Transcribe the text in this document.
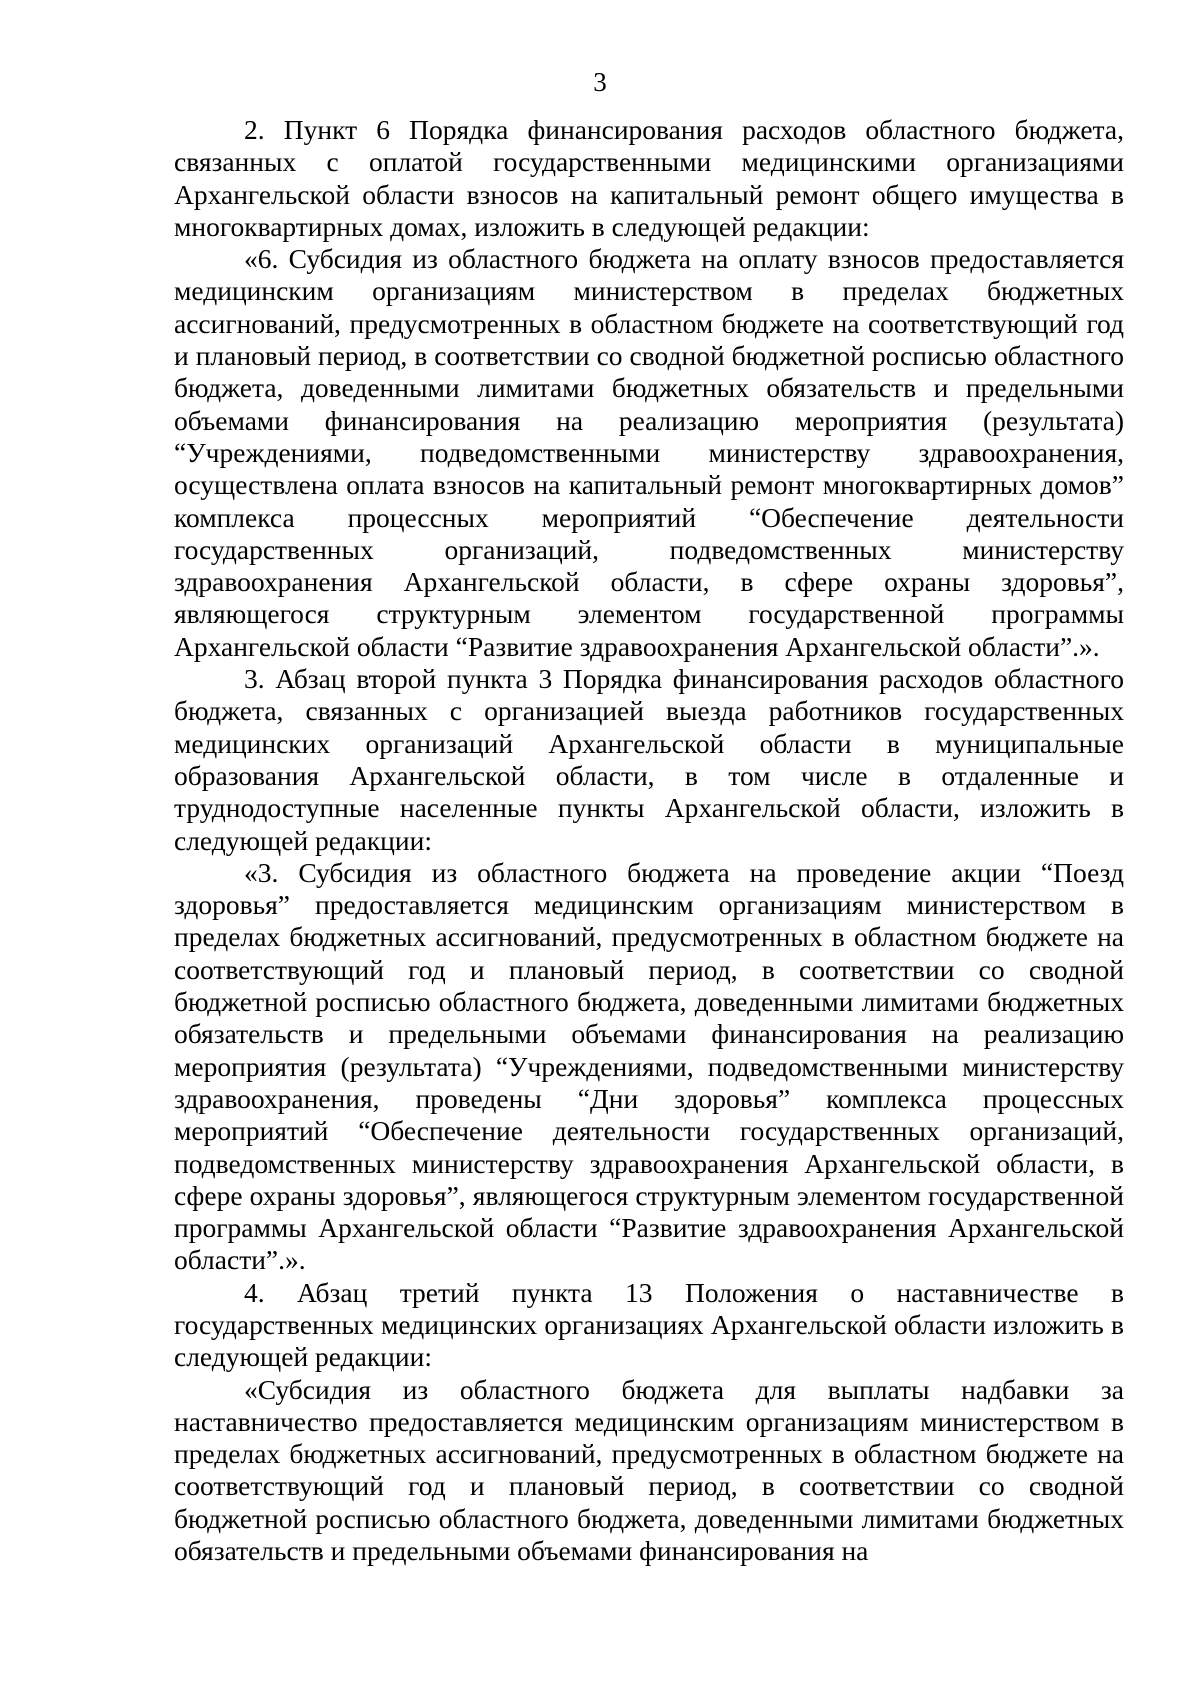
3

2. Пункт 6 Порядка финансирования расходов областного бюджета, связанных с оплатой государственными медицинскими организациями Архангельской области взносов на капитальный ремонт общего имущества в многоквартирных домах, изложить в следующей редакции:

«6. Субсидия из областного бюджета на оплату взносов предоставляется медицинским организациям министерством в пределах бюджетных ассигнований, предусмотренных в областном бюджете на соответствующий год и плановый период, в соответствии со сводной бюджетной росписью областного бюджета, доведенными лимитами бюджетных обязательств и предельными объемами финансирования на реализацию мероприятия (результата) “Учреждениями, подведомственными министерству здравоохранения, осуществлена оплата взносов на капитальный ремонт многоквартирных домов” комплекса процессных мероприятий “Обеспечение деятельности государственных организаций, подведомственных министерству здравоохранения Архангельской области, в сфере охраны здоровья”, являющегося структурным элементом государственной программы Архангельской области “Развитие здравоохранения Архангельской области”.».

3. Абзац второй пункта 3 Порядка финансирования расходов областного бюджета, связанных с организацией выезда работников государственных медицинских организаций Архангельской области в муниципальные образования Архангельской области, в том числе в отдаленные и труднодоступные населенные пункты Архангельской области, изложить в следующей редакции:

«3. Субсидия из областного бюджета на проведение акции “Поезд здоровья” предоставляется медицинским организациям министерством в пределах бюджетных ассигнований, предусмотренных в областном бюджете на соответствующий год и плановый период, в соответствии со сводной бюджетной росписью областного бюджета, доведенными лимитами бюджетных обязательств и предельными объемами финансирования на реализацию мероприятия (результата) “Учреждениями, подведомственными министерству здравоохранения, проведены “Дни здоровья” комплекса процессных мероприятий “Обеспечение деятельности государственных организаций, подведомственных министерству здравоохранения Архангельской области, в сфере охраны здоровья”, являющегося структурным элементом государственной программы Архангельской области “Развитие здравоохранения Архангельской области”.».

4. Абзац третий пункта 13 Положения о наставничестве в государственных медицинских организациях Архангельской области изложить в следующей редакции:

«Субсидия из областного бюджета для выплаты надбавки за наставничество предоставляется медицинским организациям министерством в пределах бюджетных ассигнований, предусмотренных в областном бюджете на соответствующий год и плановый период, в соответствии со сводной бюджетной росписью областного бюджета, доведенными лимитами бюджетных обязательств и предельными объемами финансирования на
